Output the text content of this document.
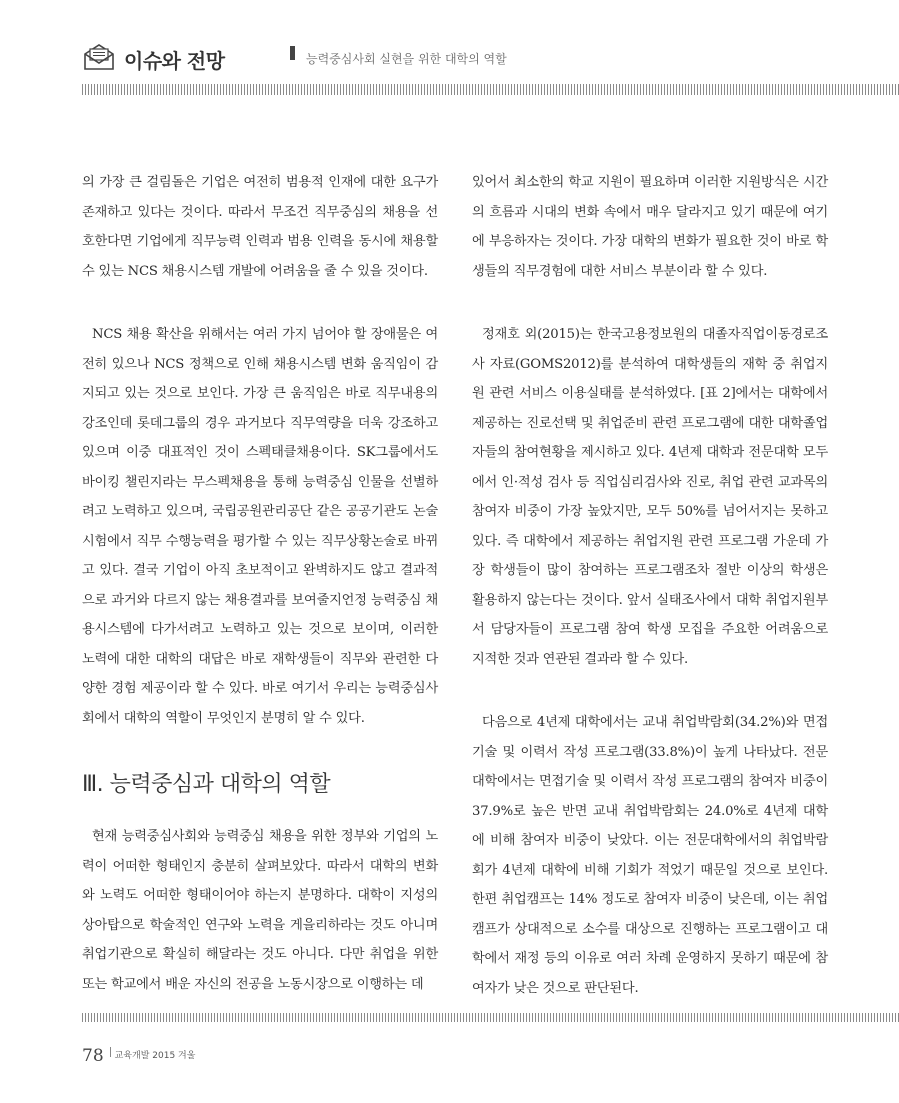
이슈와 전망	능력중심사회 실현을 위한 대학의 역할

의 가장 큰 걸림돌은 기업은 여전히 범용적 인재에 대한 요구가 존재하고 있다는 것이다. 따라서 무조건 직무중심의 채용을 선호한다면 기업에게 직무능력 인력과 범용 인력을 동시에 채용할 수 있는 NCS 채용시스템 개발에 어려움을 줄 수 있을 것이다.

NCS 채용 확산을 위해서는 여러 가지 넘어야 할 장애물은 여전히 있으나 NCS 정책으로 인해 채용시스템 변화 움직임이 감지되고 있는 것으로 보인다. 가장 큰 움직임은 바로 직무내용의 강조인데 롯데그룹의 경우 과거보다 직무역량을 더욱 강조하고 있으며 이중 대표적인 것이 스펙태클채용이다. SK그룹에서도 바이킹 챌린지라는 무스펙채용을 통해 능력중심 인물을 선별하려고 노력하고 있으며, 국립공원관리공단 같은 공공기관도 논술시험에서 직무 수행능력을 평가할 수 있는 직무상황논술로 바뀌고 있다. 결국 기업이 아직 초보적이고 완벽하지도 않고 결과적으로 과거와 다르지 않는 채용결과를 보여줄지언정 능력중심 채용시스템에 다가서려고 노력하고 있는 것으로 보이며, 이러한 노력에 대한 대학의 대답은 바로 재학생들이 직무와 관련한 다양한 경험 제공이라 할 수 있다. 바로 여기서 우리는 능력중심사회에서 대학의 역할이 무엇인지 분명히 알 수 있다.

Ⅲ. 능력중심과 대학의 역할

현재 능력중심사회와 능력중심 채용을 위한 정부와 기업의 노력이 어떠한 형태인지 충분히 살펴보았다. 따라서 대학의 변화와 노력도 어떠한 형태이어야 하는지 분명하다. 대학이 지성의 상아탑으로 학술적인 연구와 노력을 게을리하라는 것도 아니며 취업기관으로 확실히 해달라는 것도 아니다. 다만 취업을 위한 또는 학교에서 배운 자신의 전공을 노동시장으로 이행하는 데

있어서 최소한의 학교 지원이 필요하며 이러한 지원방식은 시간의 흐름과 시대의 변화 속에서 매우 달라지고 있기 때문에 여기에 부응하자는 것이다. 가장 대학의 변화가 필요한 것이 바로 학생들의 직무경험에 대한 서비스 부분이라 할 수 있다.

정재호 외(2015)는 한국고용정보원의 대졸자직업이동경로조사 자료(GOMS2012)를 분석하여 대학생들의 재학 중 취업지원 관련 서비스 이용실태를 분석하였다. [표 2]에서는 대학에서 제공하는 진로선택 및 취업준비 관련 프로그램에 대한 대학졸업자들의 참여현황을 제시하고 있다. 4년제 대학과 전문대학 모두에서 인·적성 검사 등 직업심리검사와 진로, 취업 관련 교과목의 참여자 비중이 가장 높았지만, 모두 50%를 넘어서지는 못하고 있다. 즉 대학에서 제공하는 취업지원 관련 프로그램 가운데 가장 학생들이 많이 참여하는 프로그램조차 절반 이상의 학생은 활용하지 않는다는 것이다. 앞서 실태조사에서 대학 취업지원부서 담당자들이 프로그램 참여 학생 모집을 주요한 어려움으로 지적한 것과 연관된 결과라 할 수 있다.

다음으로 4년제 대학에서는 교내 취업박람회(34.2%)와 면접기술 및 이력서 작성 프로그램(33.8%)이 높게 나타났다. 전문대학에서는 면접기술 및 이력서 작성 프로그램의 참여자 비중이 37.9%로 높은 반면 교내 취업박람회는 24.0%로 4년제 대학에 비해 참여자 비중이 낮았다. 이는 전문대학에서의 취업박람회가 4년제 대학에 비해 기회가 적었기 때문일 것으로 보인다. 한편 취업캠프는 14% 정도로 참여자 비중이 낮은데, 이는 취업캠프가 상대적으로 소수를 대상으로 진행하는 프로그램이고 대학에서 재정 등의 이유로 여러 차례 운영하지 못하기 때문에 참여자가 낮은 것으로 판단된다.

78 교육개발 2015 겨울
